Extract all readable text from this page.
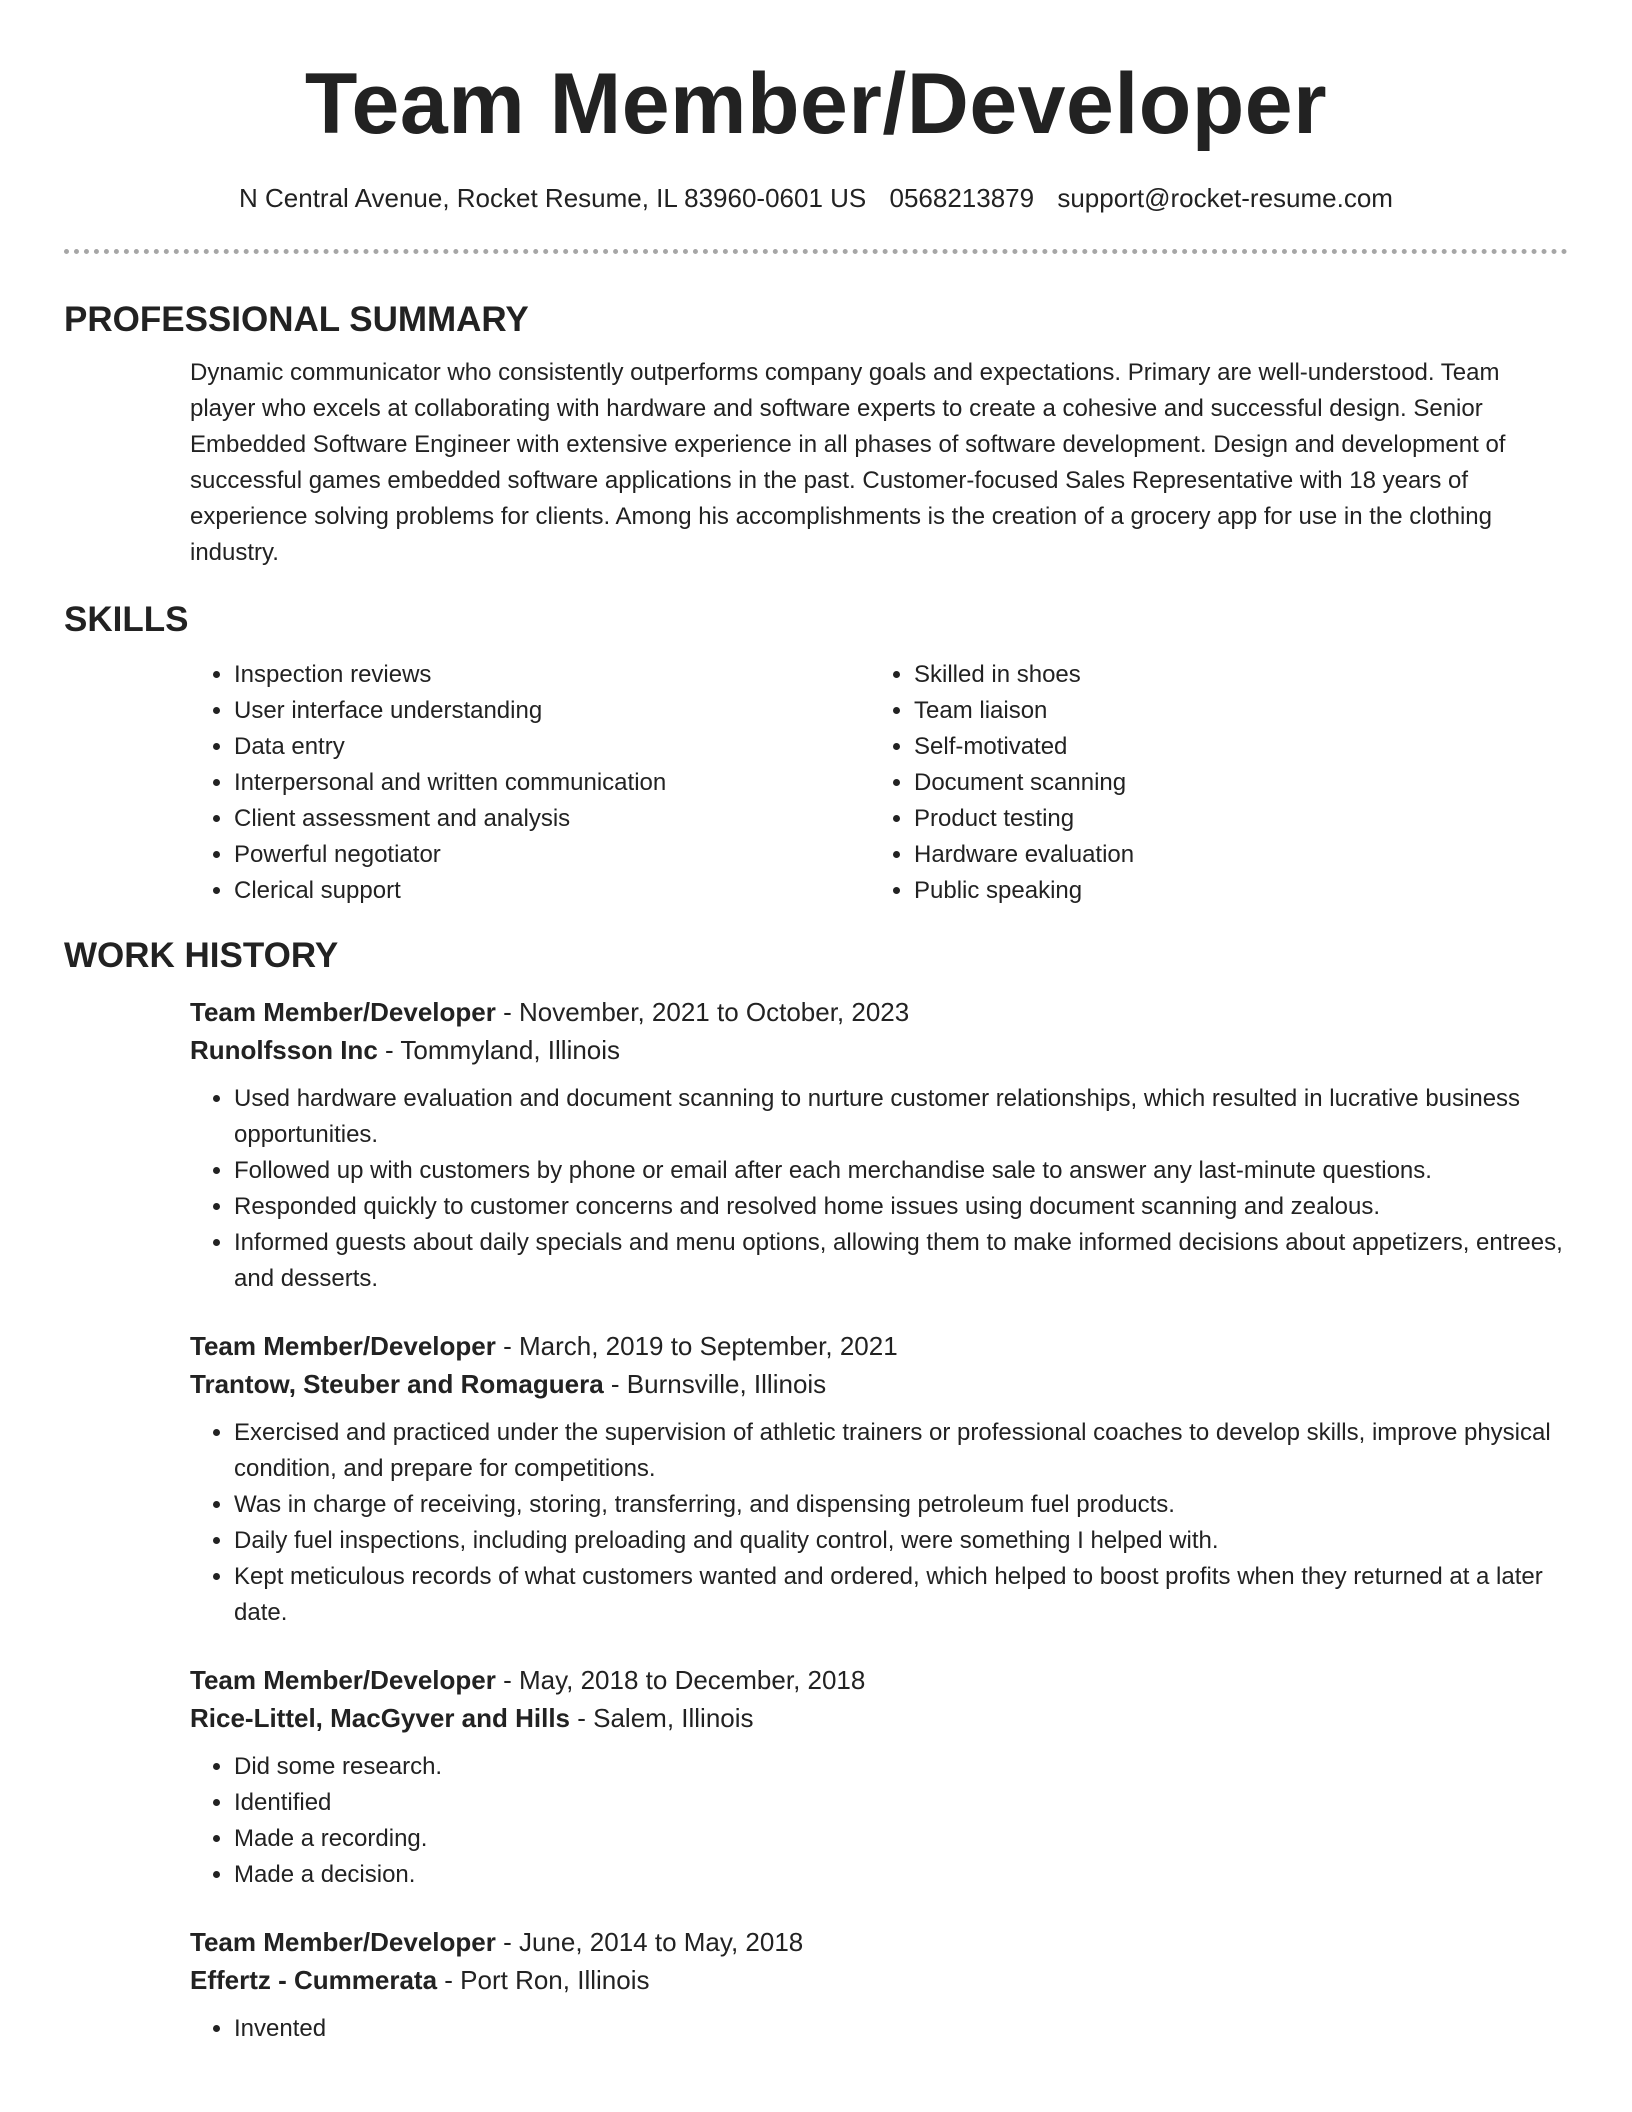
Team Member/Developer
N Central Avenue, Rocket Resume, IL 83960-0601 US 0568213879 support@rocket-resume.com
PROFESSIONAL SUMMARY

Dynamic communicator who consistently outperforms company goals and expectations. Primary are well-understood. Team player who excels at collaborating with hardware and software experts to create a cohesive and successful design. Senior Embedded Software Engineer with extensive experience in all phases of software development. Design and development of successful games embedded software applications in the past. Customer-focused Sales Representative with 18 years of experience solving problems for clients. Among his accomplishments is the creation of a grocery app for use in the clothing industry.

SKILLS
• Inspection reviews
• User interface understanding
• Data entry
• Interpersonal and written communication
• Client assessment and analysis
• Powerful negotiator
• Clerical support
• Skilled in shoes
• Team liaison
• Self-motivated
• Document scanning
• Product testing
• Hardware evaluation
• Public speaking
WORK HISTORY
Team Member/Developer - November, 2021 to October, 2023
Runolfsson Inc - Tommyland, Illinois
• Used hardware evaluation and document scanning to nurture customer relationships, which resulted in lucrative business opportunities.
• Followed up with customers by phone or email after each merchandise sale to answer any last-minute questions.
• Responded quickly to customer concerns and resolved home issues using document scanning and zealous.
• Informed guests about daily specials and menu options, allowing them to make informed decisions about appetizers, entrees, and desserts.
Team Member/Developer - March, 2019 to September, 2021
Trantow, Steuber and Romaguera - Burnsville, Illinois
• Exercised and practiced under the supervision of athletic trainers or professional coaches to develop skills, improve physical condition, and prepare for competitions.
• Was in charge of receiving, storing, transferring, and dispensing petroleum fuel products.
• Daily fuel inspections, including preloading and quality control, were something I helped with.
• Kept meticulous records of what customers wanted and ordered, which helped to boost profits when they returned at a later date.
Team Member/Developer - May, 2018 to December, 2018
Rice-Littel, MacGyver and Hills - Salem, Illinois
• Did some research.
• Identified
• Made a recording.
• Made a decision.
Team Member/Developer - June, 2014 to May, 2018
Effertz - Cummerata - Port Ron, Illinois
• Invented
